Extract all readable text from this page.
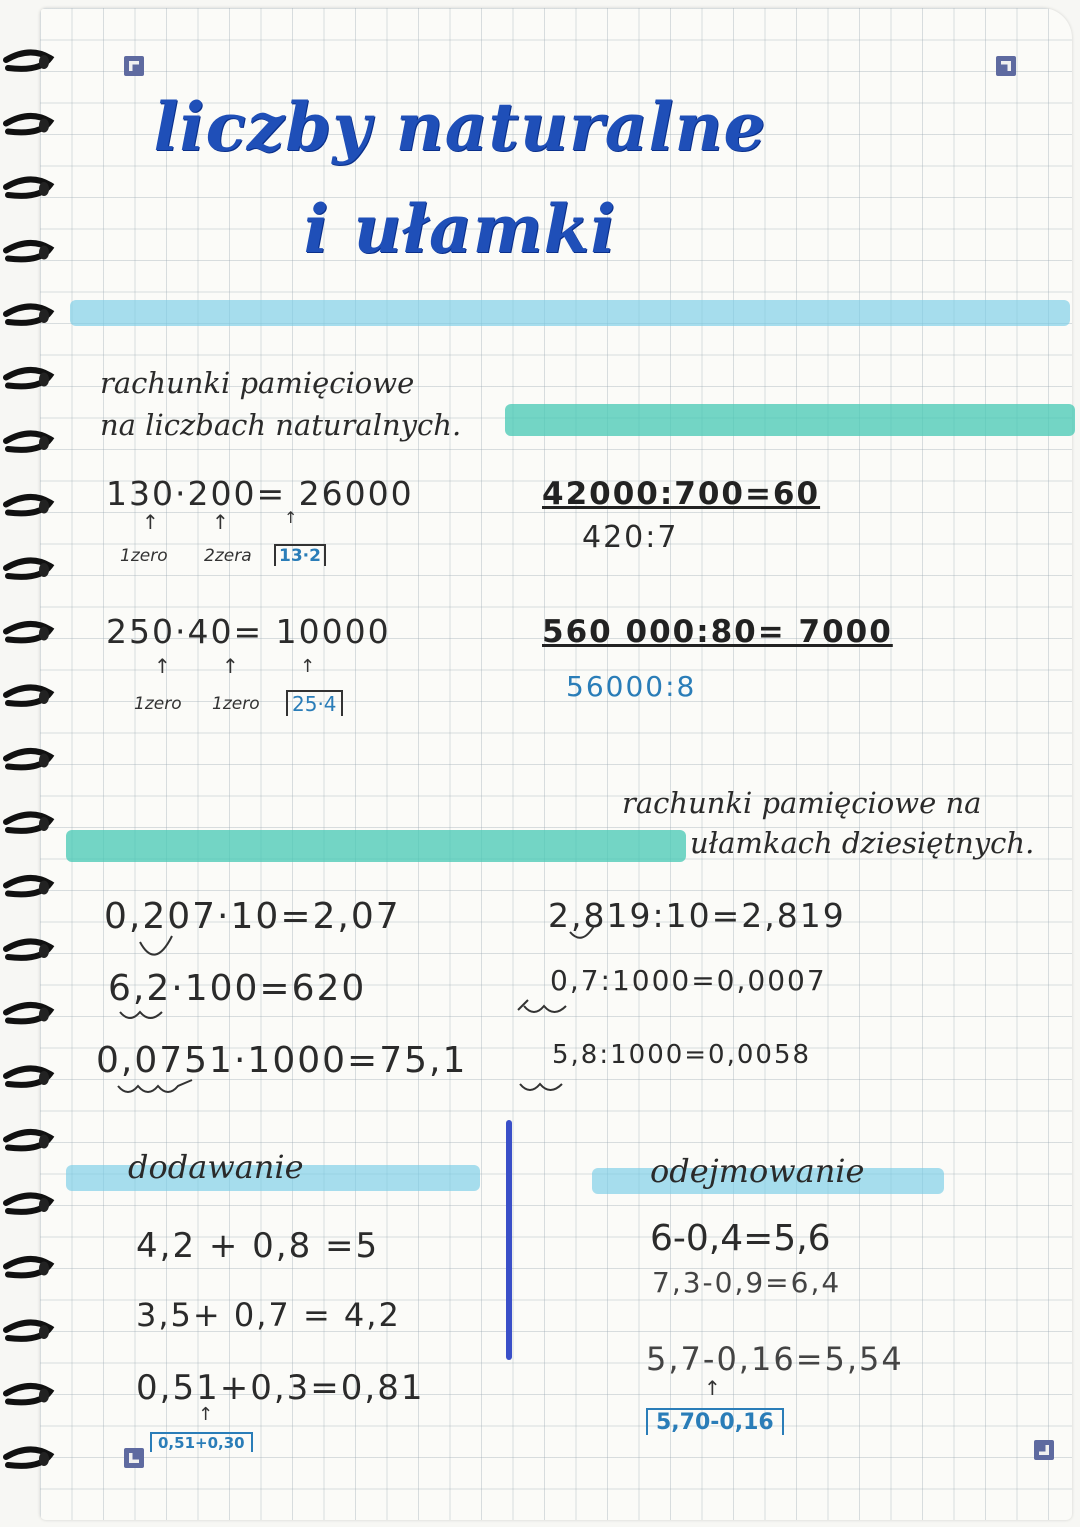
liczby naturalne
i ułamki
rachunki pamięciowe
na liczbach naturalnych.
130·200= 26000
↑	↑	↑
1zero 2zera 13·2
250·40= 10000
↑	↑	↑
1zero 1zero	25·4
42000:700=60
420:7
560 000:80= 7000
56000:8
rachunki pamięciowe na
ułamkach dziesiętnych.
0,207·10=2,07
6,2·100=620
0,0751·1000=75,1
2,819:10=2,819
0,7:1000=0,0007
5,8:1000=0,0058
dodawanie
4,2 + 0,8 =5
3,5+ 0,7 = 4,2
0,51+0,3=0,81
↑
0,51+0,30
odejmowanie
6-0,4=5,6
7,3-0,9=6,4
5,7-0,16=5,54
↑
5,70-0,16
